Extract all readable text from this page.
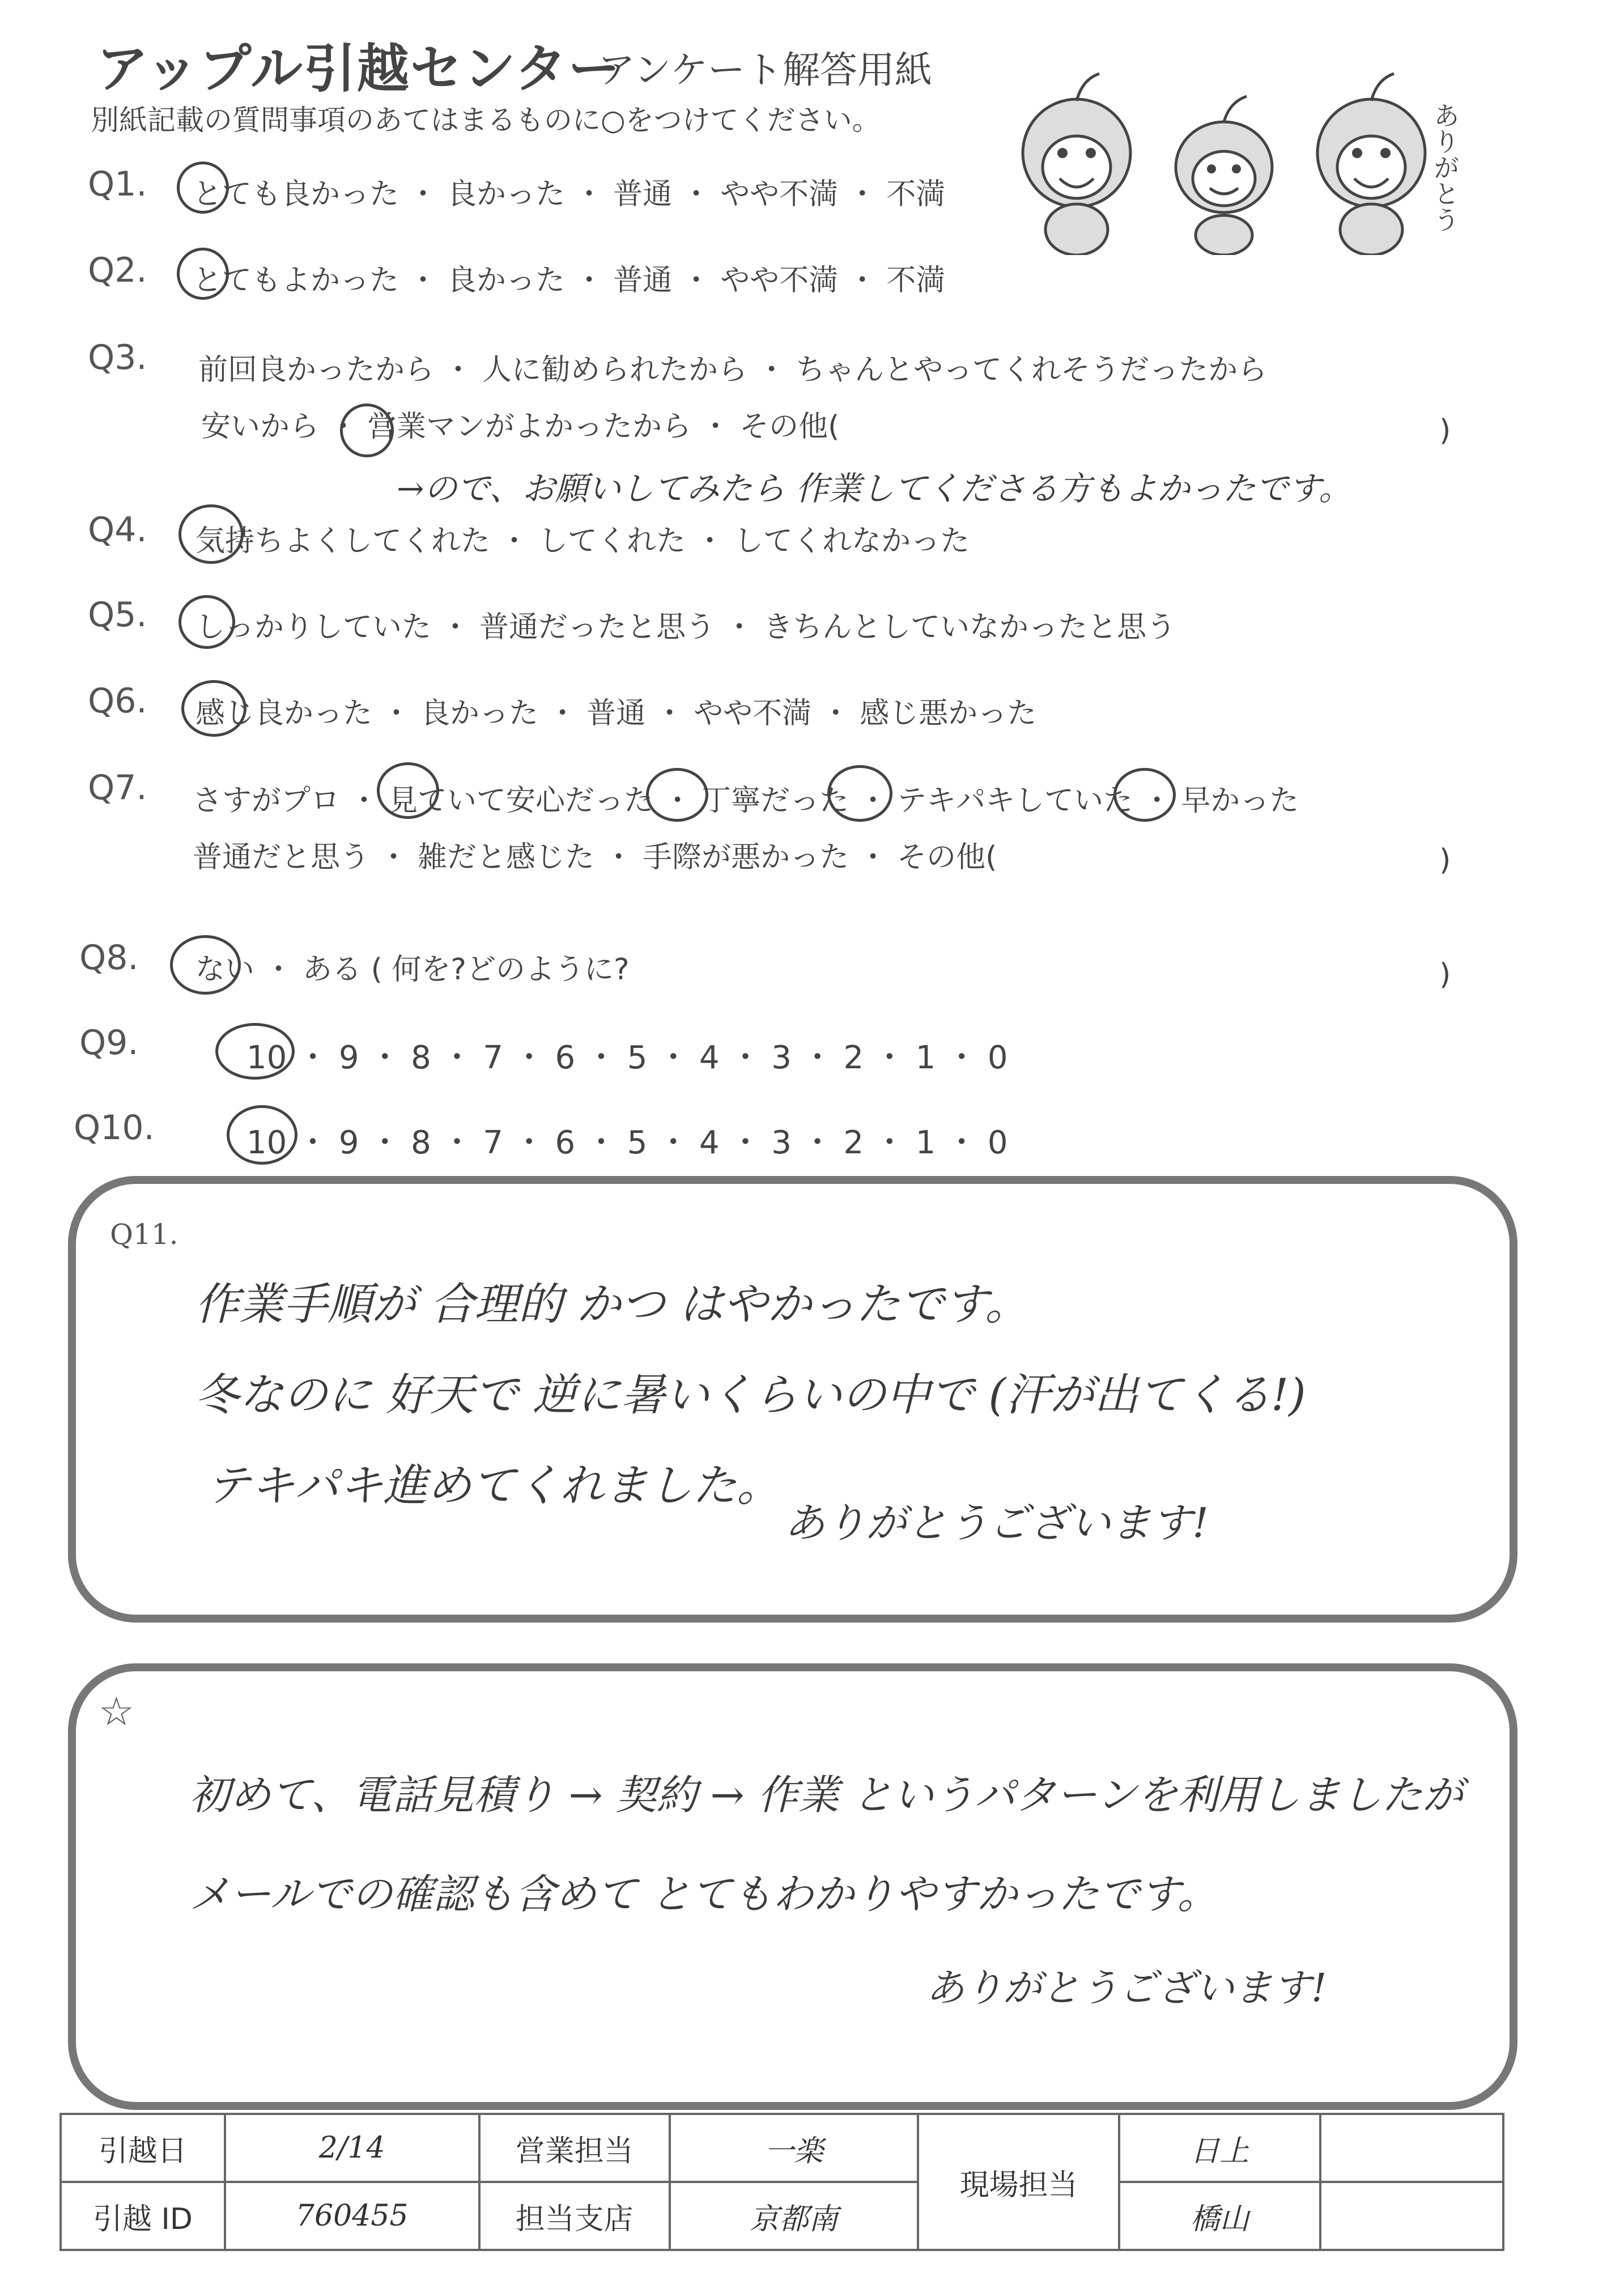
アップル引越センター
アンケート解答用紙
別紙記載の質問事項のあてはまるものに○をつけてください。	ありがとう
Q1. とても良かった ・ 良かった ・ 普通 ・ やや不満 ・ 不満
Q2. とてもよかった ・ 良かった ・ 普通 ・ やや不満 ・ 不満
Q3. 前回良かったから ・ 人に勧められたから ・ ちゃんとやってくれそうだったから
安いから ・ 営業マンがよかったから ・ その他(	)
→ので、お願いしてみたら 作業してくださる方もよかったです。
Q4. 気持ちよくしてくれた ・ してくれた ・ してくれなかった
Q5. しっかりしていた ・ 普通だったと思う ・ きちんとしていなかったと思う
Q6. 感じ良かった ・ 良かった ・ 普通 ・ やや不満 ・ 感じ悪かった
Q7. さすがプロ ・ 見ていて安心だった ・ 丁寧だった ・ テキパキしていた ・ 早かった
普通だと思う ・ 雑だと感じた ・ 手際が悪かった ・ その他(	)
Q8. ない ・ ある ( 何を?どのように?	)
Q9.	10 ・ 9 ・ 8 ・ 7 ・ 6 ・ 5 ・ 4 ・ 3 ・ 2 ・ 1 ・ 0
Q10.	10 ・ 9 ・ 8 ・ 7 ・ 6 ・ 5 ・ 4 ・ 3 ・ 2 ・ 1 ・ 0
Q11.
作業手順が 合理的 かつ はやかったです。
冬なのに 好天で 逆に暑いくらいの中で (汗が出てくる!)
テキパキ進めてくれました。
ありがとうございます!
☆
初めて、電話見積り → 契約 → 作業 というパターンを利用しましたが
メールでの確認も含めて とてもわかりやすかったです。
ありがとうございます!
引越日	2/14	営業担当	一楽	現場担当	日上	
引越 ID	760455	担当支店	京都南		橋山	
